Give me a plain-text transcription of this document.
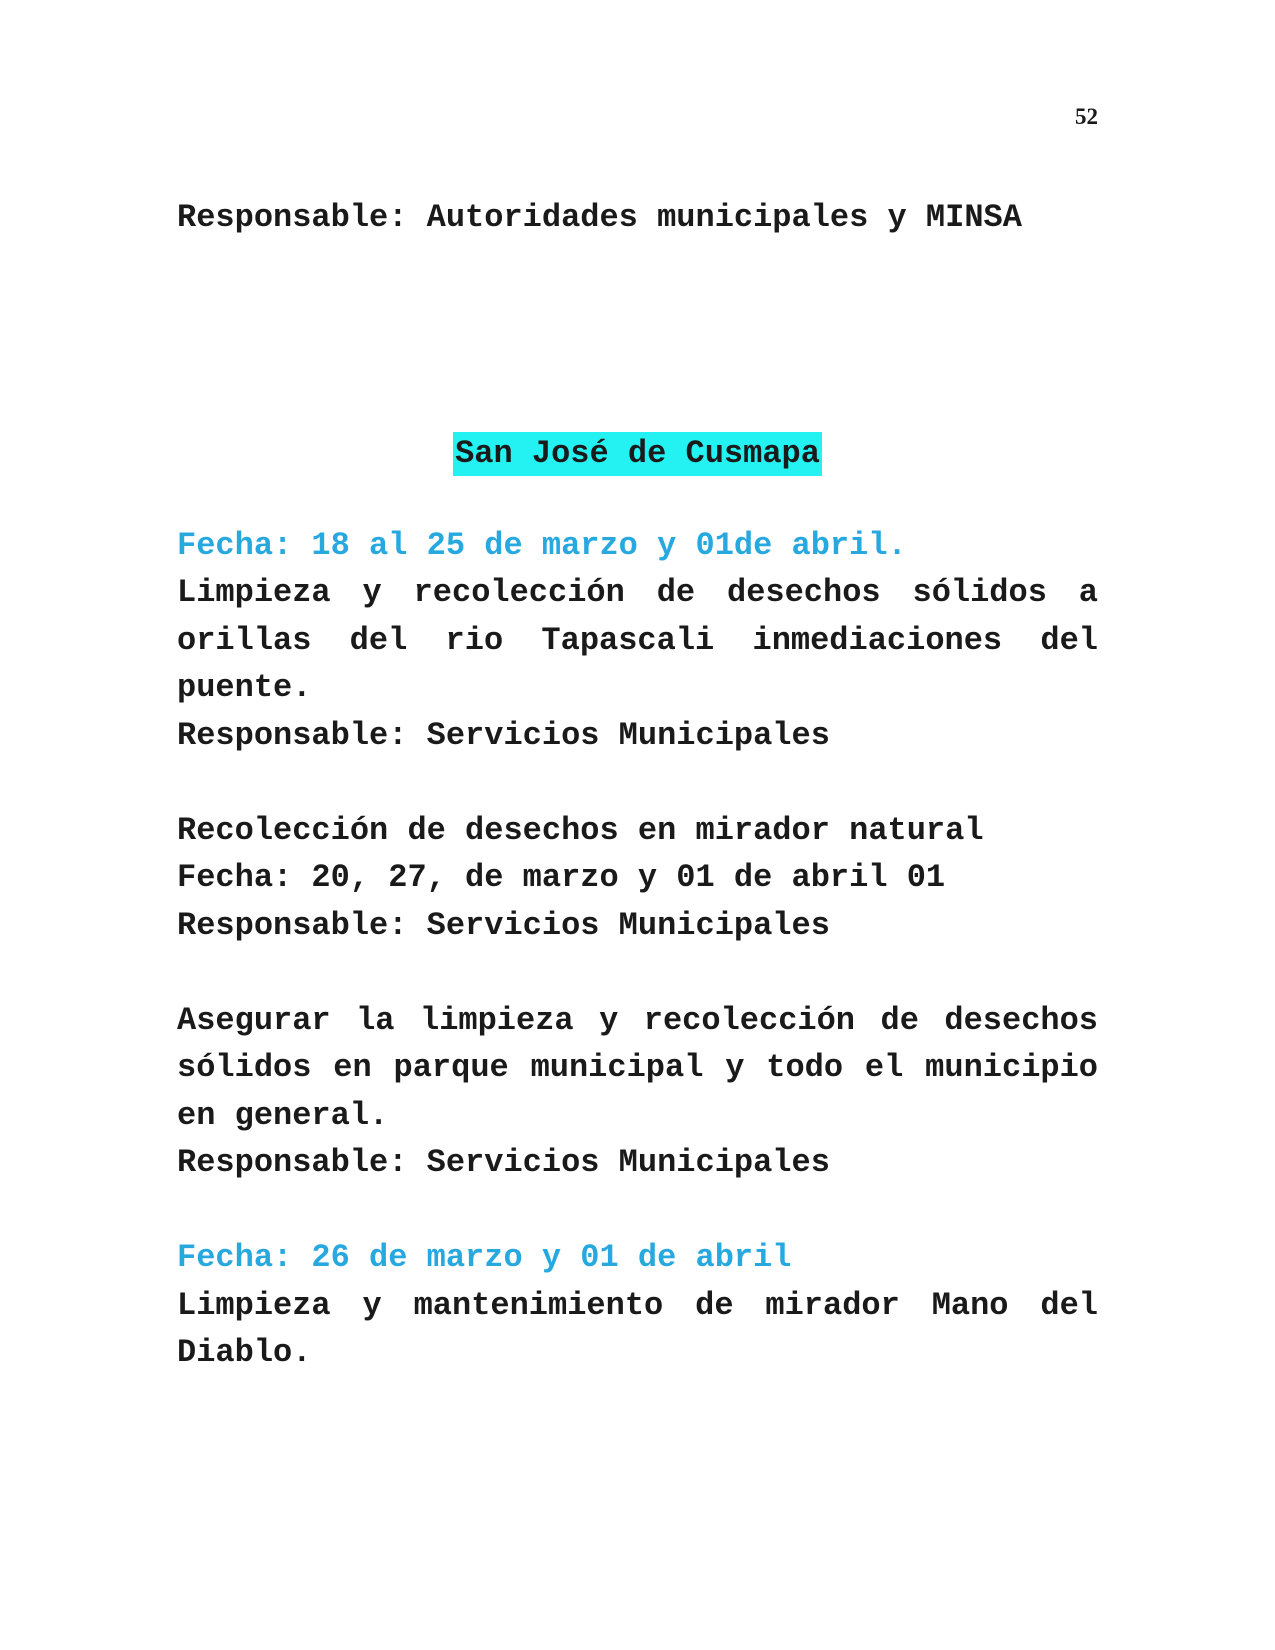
52

Responsable: Autoridades municipales y MINSA

San José de Cusmapa

Fecha: 18 al 25 de marzo y 01de abril.

Limpieza y recolección de desechos sólidos a orillas del rio Tapascali inmediaciones del puente.

Responsable: Servicios Municipales

Recolección de desechos en mirador natural

Fecha: 20, 27, de marzo y 01 de abril 01

Responsable: Servicios Municipales

Asegurar la limpieza y recolección de desechos sólidos en parque municipal y todo el municipio en general.

Responsable: Servicios Municipales

Fecha: 26 de marzo y 01 de abril

Limpieza y mantenimiento de mirador Mano del Diablo.
